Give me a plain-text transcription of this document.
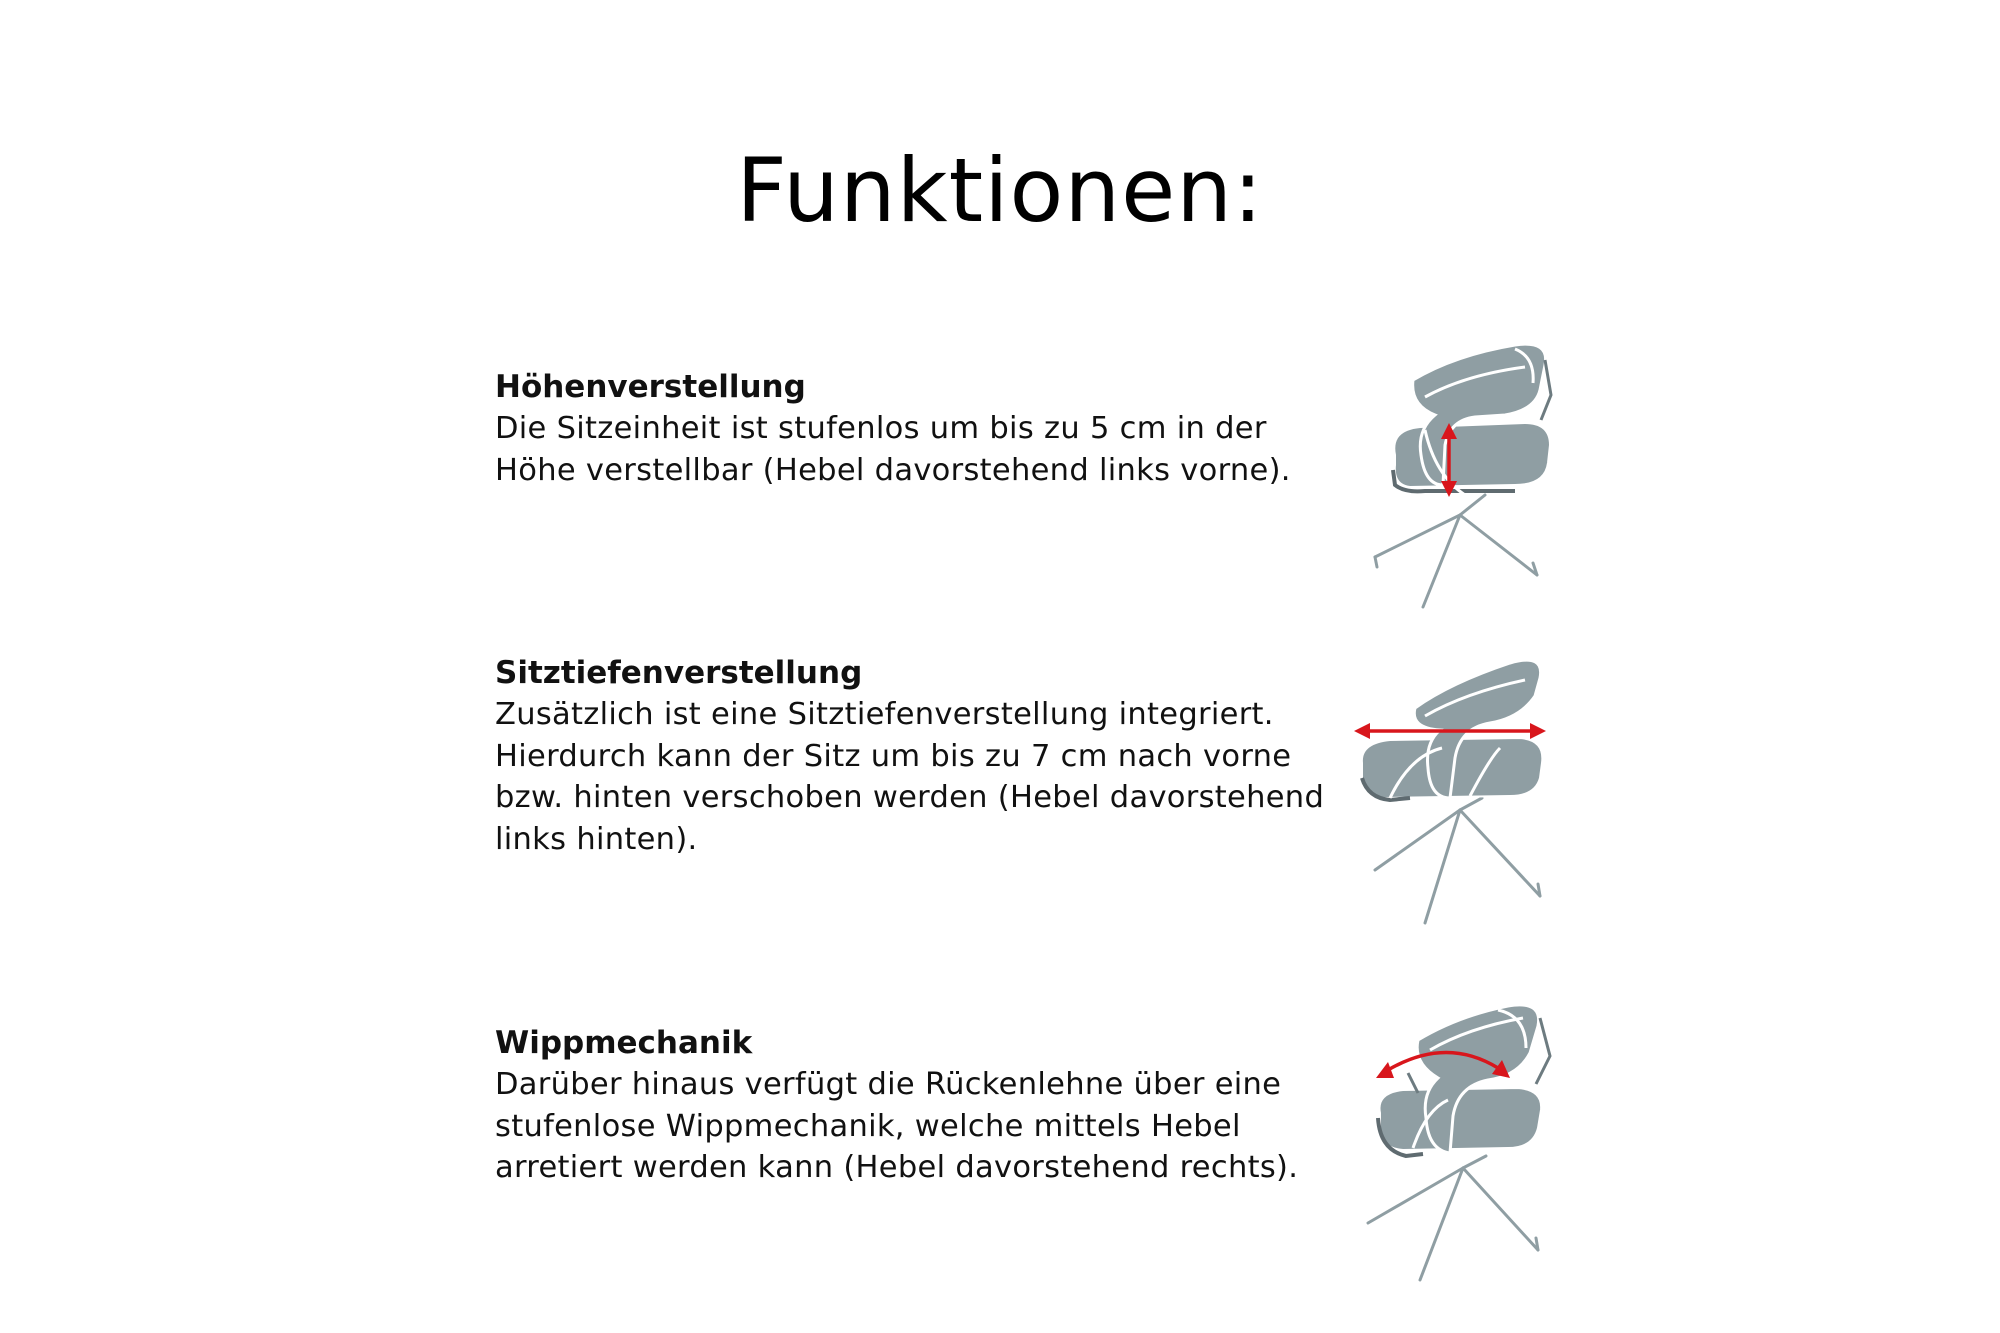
Funktionen:

Höhenverstellung

Die Sitzeinheit ist stufenlos um bis zu 5 cm in der
Höhe verstellbar (Hebel davorstehend links vorne).

Sitztiefenverstellung

Zusätzlich ist eine Sitztiefenverstellung integriert.
Hierdurch kann der Sitz um bis zu 7 cm nach vorne
bzw. hinten verschoben werden (Hebel davorstehend
links hinten).

Wippmechanik

Darüber hinaus verfügt die Rückenlehne über eine
stufenlose Wippmechanik, welche mittels Hebel
arretiert werden kann (Hebel davorstehend rechts).
